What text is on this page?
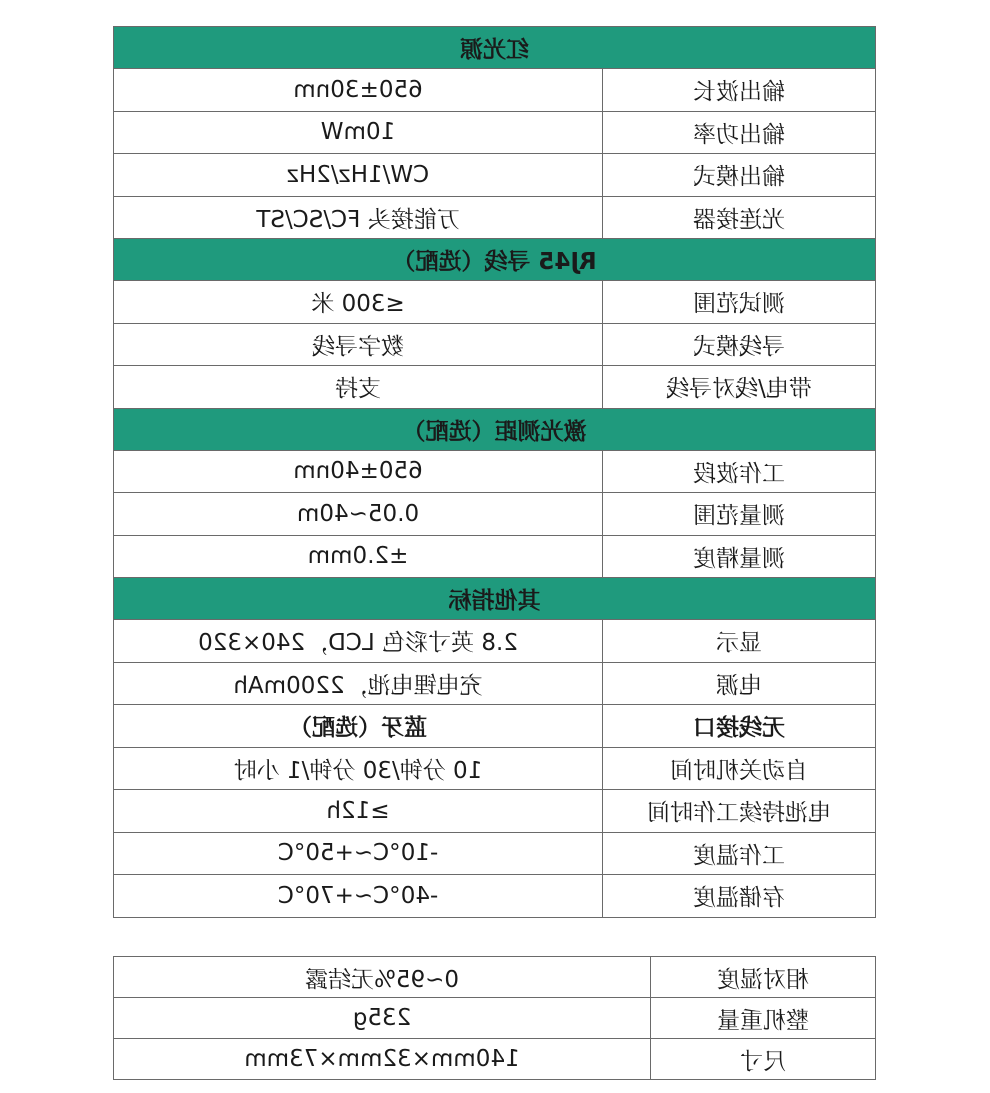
红光源	
输出波长	650±30nm
输出功率	10mW
输出模式	CW/1Hz/2Hz
光连接器	万能接头 FC/SC/ST
RJ45 寻线（选配）	
测试范围	≤300 米
寻线模式	数字寻线
带电/线对寻线	支持
激光测距（选配）	
工作波段	650±40nm
测量范围	0.05~40m
测量精度	±2.0mm
其他指标	
显示	2.8 英寸彩色 LCD，240×320
电源	充电锂电池，2200mAh
无线接口	蓝牙（选配）
自动关机时间	10 分钟/30 分钟/1 小时
电池持续工作时间	≥12h
工作温度	-10°C~+50°C
存储温度	-40°C~+70°C
相对湿度	0~95%无结露
整机重量	235g
尺寸	140mm×32mm×73mm
